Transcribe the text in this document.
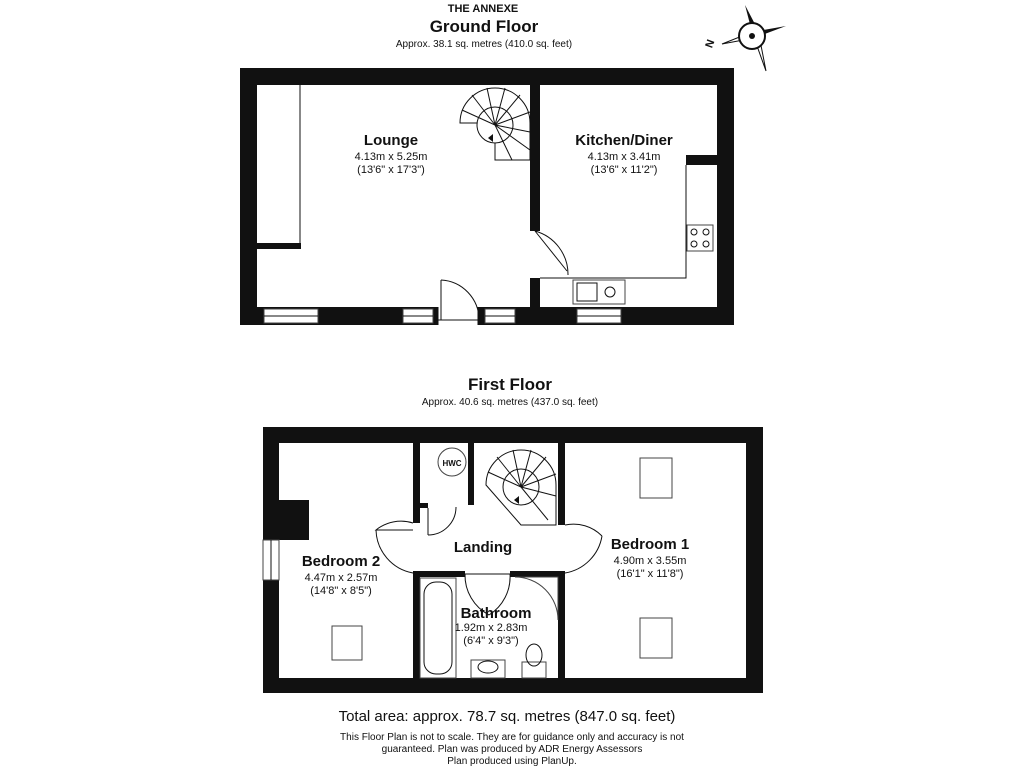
THE ANNEXE
Ground Floor
Approx. 38.1 sq. metres (410.0 sq. feet)	N
Lounge
4.13m x 5.25m
(13'6" x 17'3")
Kitchen/Diner
4.13m x 3.41m
(13'6" x 11'2")
First Floor
Approx. 40.6 sq. metres (437.0 sq. feet)
HWC
Bedroom 2
4.47m x 2.57m
(14'8" x 8'5")
Landing	Bedroom 1
4.90m x 3.55m
(16'1" x 11'8")
Bathroom
1.92m x 2.83m
(6'4" x 9'3")
Total area: approx. 78.7 sq. metres (847.0 sq. feet)
This Floor Plan is not to scale. They are for guidance only and accuracy is not
guaranteed. Plan was produced by ADR Energy Assessors
Plan produced using PlanUp.
